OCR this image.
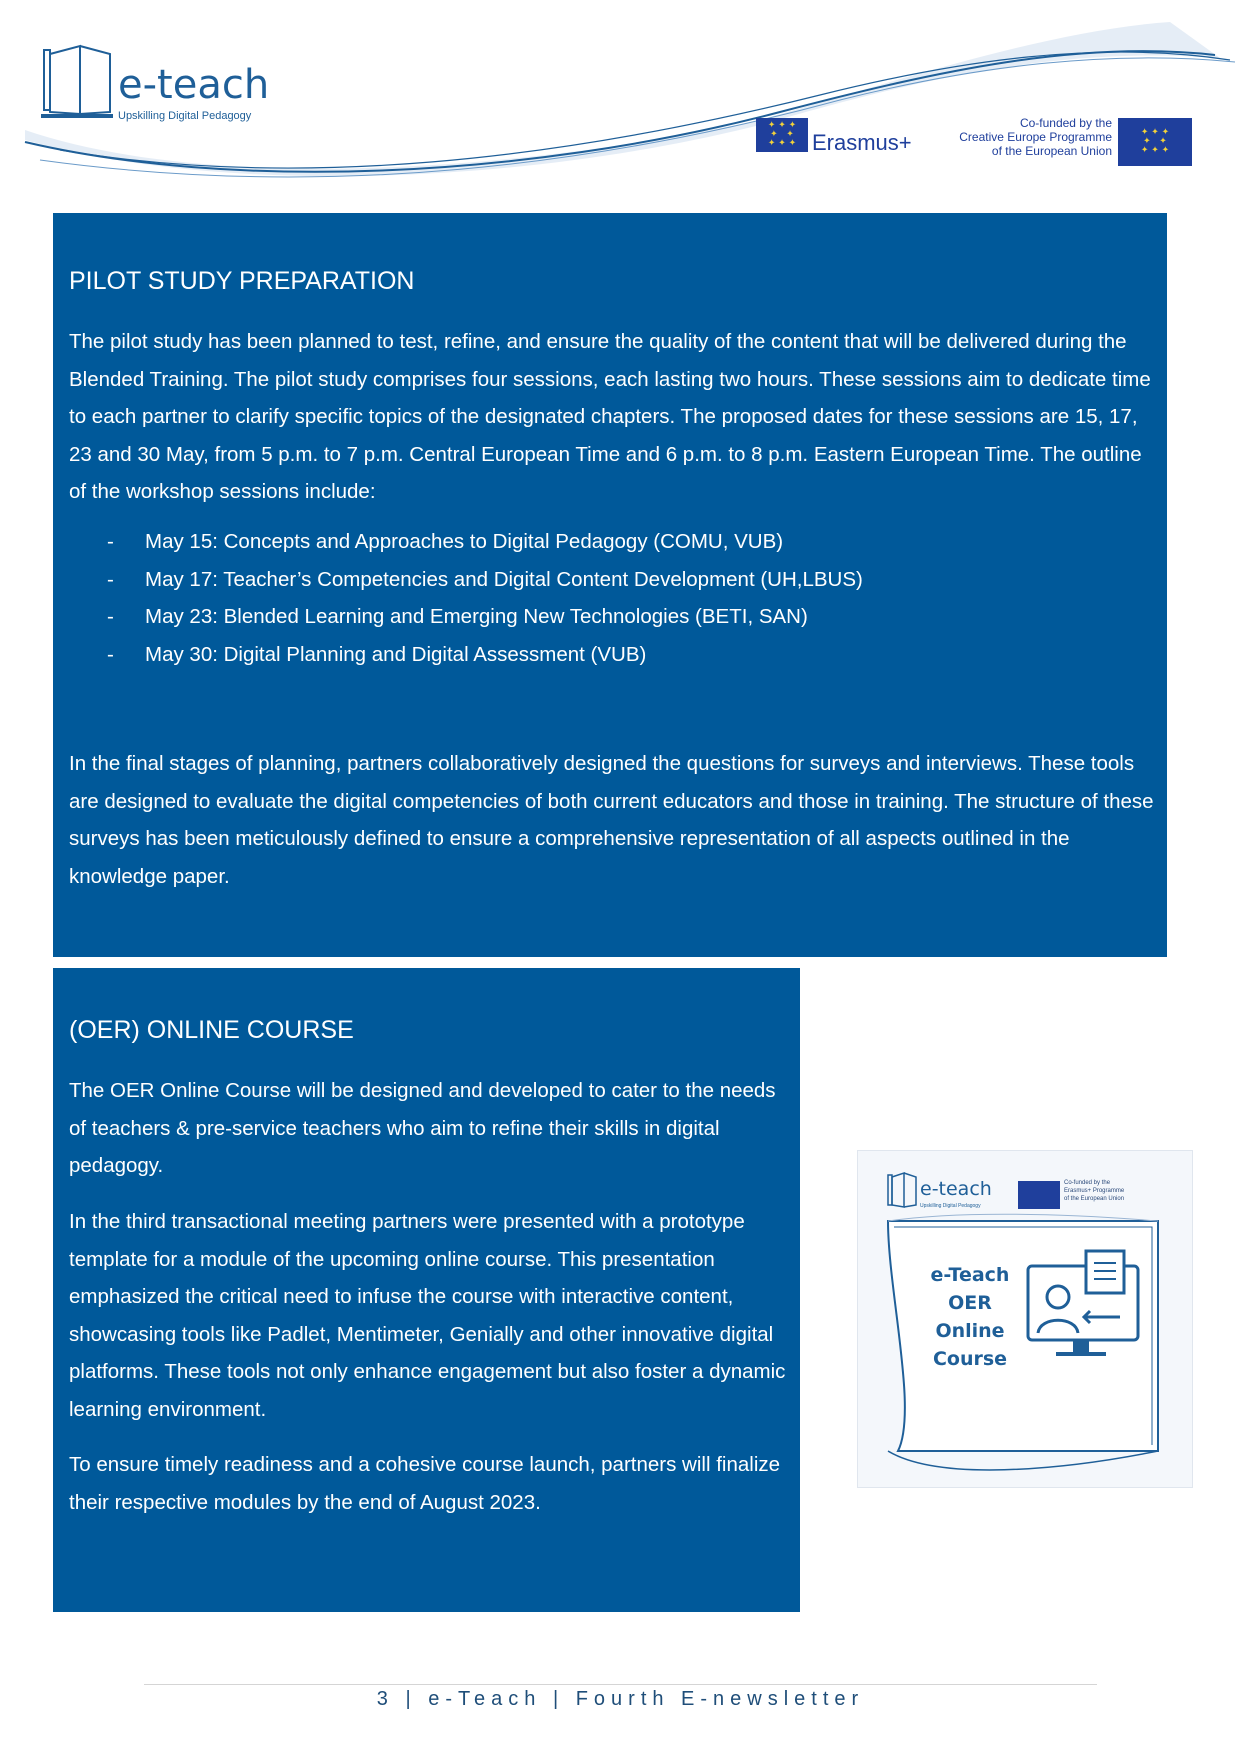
e-teach
Upskilling Digital Pedagogy
✦ ✦ ✦
✦   ✦
✦ ✦ ✦ Erasmus+
Co-funded by the
Creative Europe Programme
of the European Union
✦ ✦ ✦
✦   ✦
✦ ✦ ✦
PILOT STUDY PREPARATION
The pilot study has been planned to test, refine, and ensure the quality of the content that will be delivered during the Blended Training. The pilot study comprises four sessions, each lasting two hours. These sessions aim to dedicate time to each partner to clarify specific topics of the designated chapters. The proposed dates for these sessions are 15, 17, 23 and 30 May, from 5 p.m. to 7 p.m. Central European Time and 6 p.m. to 8 p.m. Eastern European Time. The outline of the workshop sessions include:
- May 15: Concepts and Approaches to Digital Pedagogy (COMU, VUB)
- May 17: Teacher’s Competencies and Digital Content Development (UH,LBUS)
- May 23: Blended Learning and Emerging New Technologies (BETI, SAN)
- May 30: Digital Planning and Digital Assessment (VUB)
In the final stages of planning, partners collaboratively designed the questions for surveys and interviews. These tools are designed to evaluate the digital competencies of both current educators and those in training. The structure of these surveys has been meticulously defined to ensure a comprehensive representation of all aspects outlined in the knowledge paper.
(OER) ONLINE COURSE
The OER Online Course will be designed and developed to cater to the needs of teachers & pre-service teachers who aim to refine their skills in digital pedagogy.
In the third transactional meeting partners were presented with a prototype template for a module of the upcoming online course. This presentation emphasized the critical need to infuse the course with interactive content, showcasing tools like Padlet, Mentimeter, Genially and other innovative digital platforms. These tools not only enhance engagement but also foster a dynamic learning environment.
To ensure timely readiness and a cohesive course launch, partners will finalize their respective modules by the end of August 2023.
e-teach
Upskilling Digital Pedagogy
Co-funded by the
Erasmus+ Programme
of the European Union
e-Teach
OER
Online
Course
3 | e-Teach | Fourth E-newsletter
